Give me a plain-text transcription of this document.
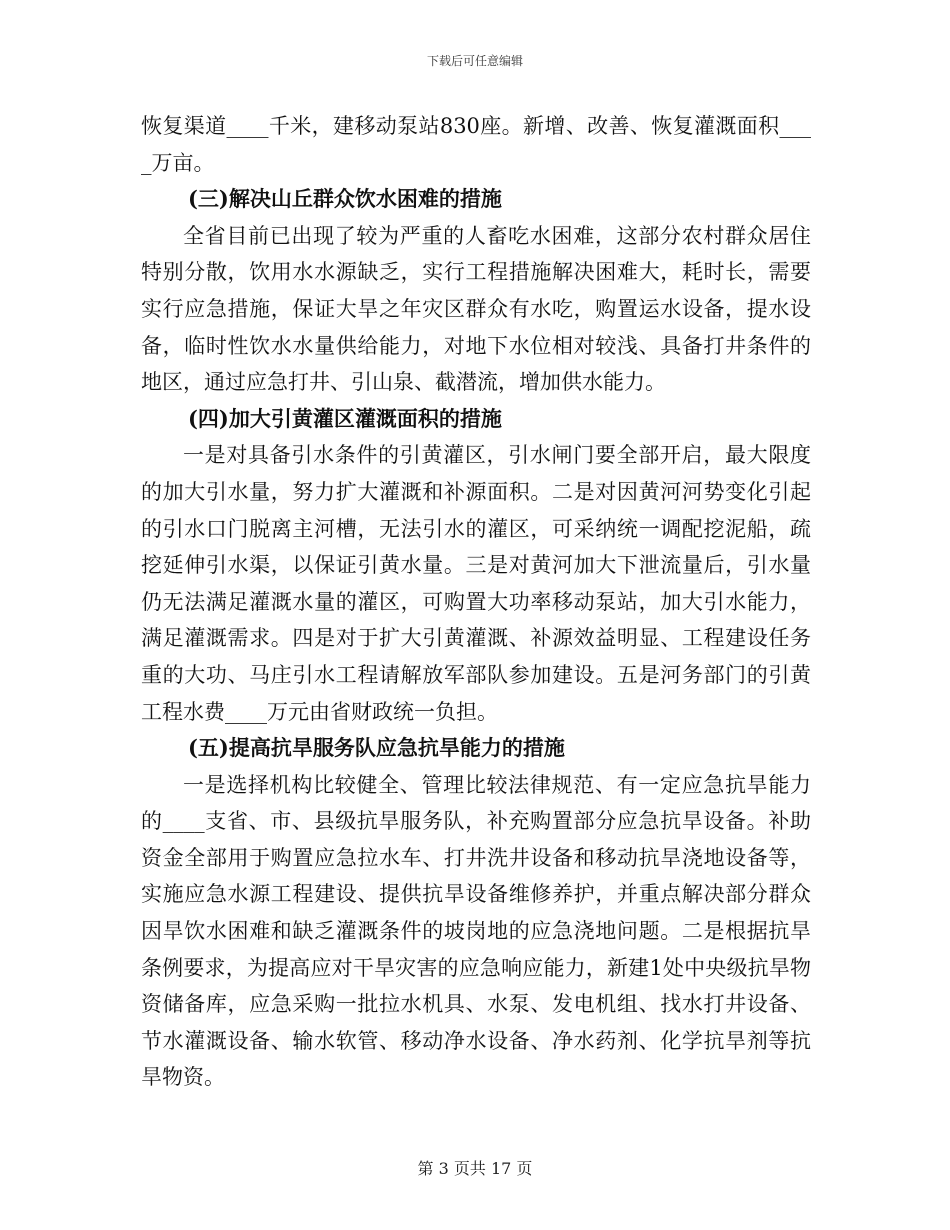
下载后可任意编辑

恢复渠道____千米，建移动泵站830座。新增、改善、恢复灌溉面积____万亩。

(三)解决山丘群众饮水困难的措施

全省目前已出现了较为严重的人畜吃水困难，这部分农村群众居住特别分散，饮用水水源缺乏，实行工程措施解决困难大，耗时长，需要实行应急措施，保证大旱之年灾区群众有水吃，购置运水设备，提水设备，临时性饮水水量供给能力，对地下水位相对较浅、具备打井条件的地区，通过应急打井、引山泉、截潜流，增加供水能力。

(四)加大引黄灌区灌溉面积的措施

一是对具备引水条件的引黄灌区，引水闸门要全部开启，最大限度的加大引水量，努力扩大灌溉和补源面积。二是对因黄河河势变化引起的引水口门脱离主河槽，无法引水的灌区，可采纳统一调配挖泥船，疏挖延伸引水渠，以保证引黄水量。三是对黄河加大下泄流量后，引水量仍无法满足灌溉水量的灌区，可购置大功率移动泵站，加大引水能力，满足灌溉需求。四是对于扩大引黄灌溉、补源效益明显、工程建设任务重的大功、马庄引水工程请解放军部队参加建设。五是河务部门的引黄工程水费____万元由省财政统一负担。

(五)提高抗旱服务队应急抗旱能力的措施

一是选择机构比较健全、管理比较法律规范、有一定应急抗旱能力的____支省、市、县级抗旱服务队，补充购置部分应急抗旱设备。补助资金全部用于购置应急拉水车、打井洗井设备和移动抗旱浇地设备等，实施应急水源工程建设、提供抗旱设备维修养护，并重点解决部分群众因旱饮水困难和缺乏灌溉条件的坡岗地的应急浇地问题。二是根据抗旱条例要求，为提高应对干旱灾害的应急响应能力，新建1处中央级抗旱物资储备库，应急采购一批拉水机具、水泵、发电机组、找水打井设备、节水灌溉设备、输水软管、移动净水设备、净水药剂、化学抗旱剂等抗旱物资。

第 3 页共 17 页
